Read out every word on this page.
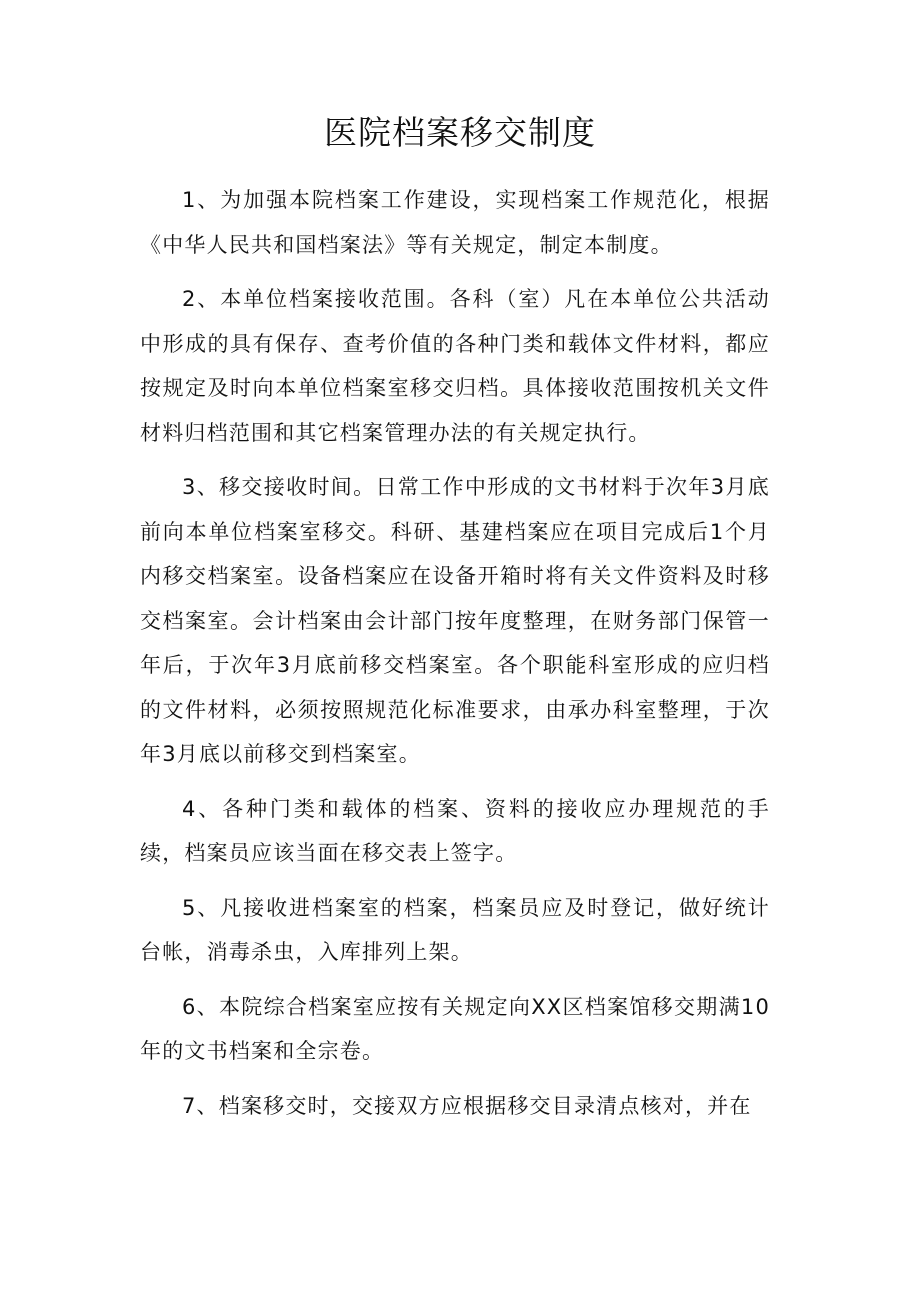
医院档案移交制度

1、为加强本院档案工作建设，实现档案工作规范化，根据《中华人民共和国档案法》等有关规定，制定本制度。

2、本单位档案接收范围。各科（室）凡在本单位公共活动中形成的具有保存、查考价值的各种门类和载体文件材料，都应按规定及时向本单位档案室移交归档。具体接收范围按机关文件材料归档范围和其它档案管理办法的有关规定执行。

3、移交接收时间。日常工作中形成的文书材料于次年3月底前向本单位档案室移交。科研、基建档案应在项目完成后1个月内移交档案室。设备档案应在设备开箱时将有关文件资料及时移交档案室。会计档案由会计部门按年度整理，在财务部门保管一年后，于次年3月底前移交档案室。各个职能科室形成的应归档的文件材料，必须按照规范化标准要求，由承办科室整理，于次年3月底以前移交到档案室。

4、各种门类和载体的档案、资料的接收应办理规范的手续，档案员应该当面在移交表上签字。

5、凡接收进档案室的档案，档案员应及时登记，做好统计台帐，消毒杀虫，入库排列上架。

6、本院综合档案室应按有关规定向XX区档案馆移交期满10年的文书档案和全宗卷。

7、档案移交时，交接双方应根据移交目录清点核对，并在
